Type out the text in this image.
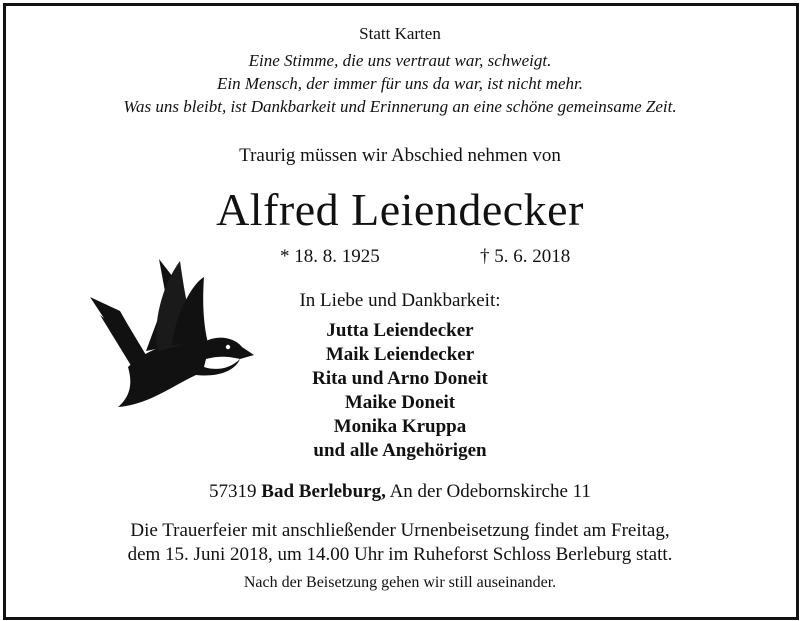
Statt Karten
Eine Stimme, die uns vertraut war, schweigt.
Ein Mensch, der immer für uns da war, ist nicht mehr.
Was uns bleibt, ist Dankbarkeit und Erinnerung an eine schöne gemeinsame Zeit.
Traurig müssen wir Abschied nehmen von
Alfred Leiendecker
* 18. 8. 1925	† 5. 6. 2018
In Liebe und Dankbarkeit:
Jutta Leiendecker
Maik Leiendecker
Rita und Arno Doneit
Maike Doneit
Monika Kruppa
und alle Angehörigen
57319 Bad Berleburg, An der Odebornskirche 11
Die Trauerfeier mit anschließender Urnenbeisetzung findet am Freitag,
dem 15. Juni 2018, um 14.00 Uhr im Ruheforst Schloss Berleburg statt.
Nach der Beisetzung gehen wir still auseinander.
